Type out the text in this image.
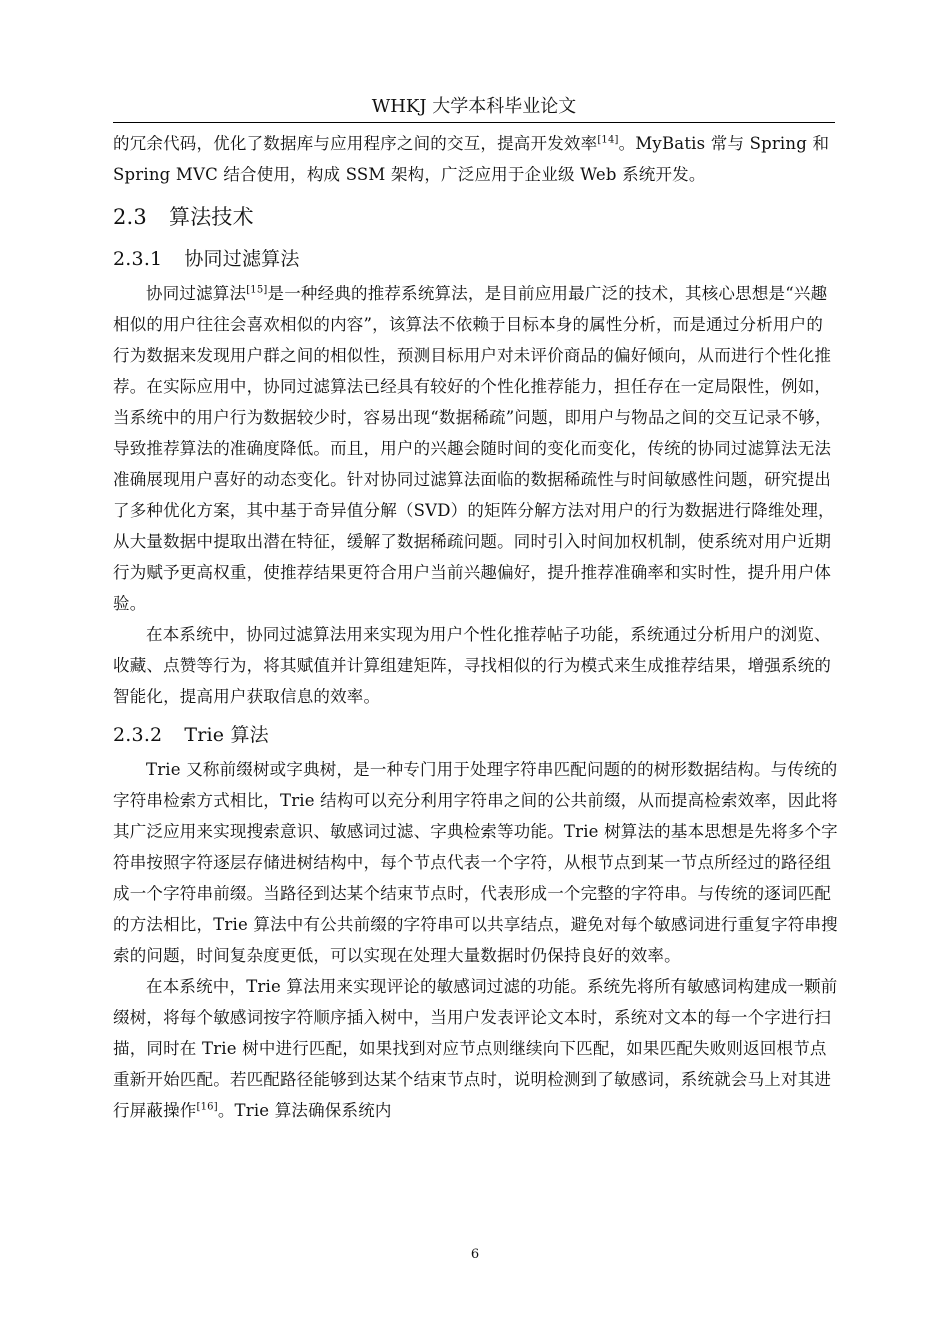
WHKJ 大学本科毕业论文

的冗余代码，优化了数据库与应用程序之间的交互，提高开发效率[14]。MyBatis 常与 Spring 和 Spring MVC 结合使用，构成 SSM 架构，广泛应用于企业级 Web 系统开发。

2.3 算法技术
2.3.1 协同过滤算法

协同过滤算法[15]是一种经典的推荐系统算法，是目前应用最广泛的技术，其核心思想是“兴趣相似的用户往往会喜欢相似的内容”，该算法不依赖于目标本身的属性分析，而是通过分析用户的行为数据来发现用户群之间的相似性，预测目标用户对未评价商品的偏好倾向，从而进行个性化推荐。在实际应用中，协同过滤算法已经具有较好的个性化推荐能力，担任存在一定局限性，例如，当系统中的用户行为数据较少时，容易出现“数据稀疏”问题，即用户与物品之间的交互记录不够，导致推荐算法的准确度降低。而且，用户的兴趣会随时间的变化而变化，传统的协同过滤算法无法准确展现用户喜好的动态变化。针对协同过滤算法面临的数据稀疏性与时间敏感性问题，研究提出了多种优化方案，其中基于奇异值分解（SVD）的矩阵分解方法对用户的行为数据进行降维处理，从大量数据中提取出潜在特征，缓解了数据稀疏问题。同时引入时间加权机制，使系统对用户近期行为赋予更高权重，使推荐结果更符合用户当前兴趣偏好，提升推荐准确率和实时性，提升用户体验。

在本系统中，协同过滤算法用来实现为用户个性化推荐帖子功能，系统通过分析用户的浏览、收藏、点赞等行为，将其赋值并计算组建矩阵，寻找相似的行为模式来生成推荐结果，增强系统的智能化，提高用户获取信息的效率。

2.3.2 Trie 算法

Trie 又称前缀树或字典树，是一种专门用于处理字符串匹配问题的的树形数据结构。与传统的字符串检索方式相比，Trie 结构可以充分利用字符串之间的公共前缀，从而提高检索效率，因此将其广泛应用来实现搜索意识、敏感词过滤、字典检索等功能。Trie 树算法的基本思想是先将多个字符串按照字符逐层存储进树结构中，每个节点代表一个字符，从根节点到某一节点所经过的路径组成一个字符串前缀。当路径到达某个结束节点时，代表形成一个完整的字符串。与传统的逐词匹配的方法相比，Trie 算法中有公共前缀的字符串可以共享结点，避免对每个敏感词进行重复字符串搜索的问题，时间复杂度更低，可以实现在处理大量数据时仍保持良好的效率。

在本系统中，Trie 算法用来实现评论的敏感词过滤的功能。系统先将所有敏感词构建成一颗前缀树，将每个敏感词按字符顺序插入树中，当用户发表评论文本时，系统对文本的每一个字进行扫描，同时在 Trie 树中进行匹配，如果找到对应节点则继续向下匹配，如果匹配失败则返回根节点重新开始匹配。若匹配路径能够到达某个结束节点时，说明检测到了敏感词，系统就会马上对其进行屏蔽操作[16]。Trie 算法确保系统内

6
